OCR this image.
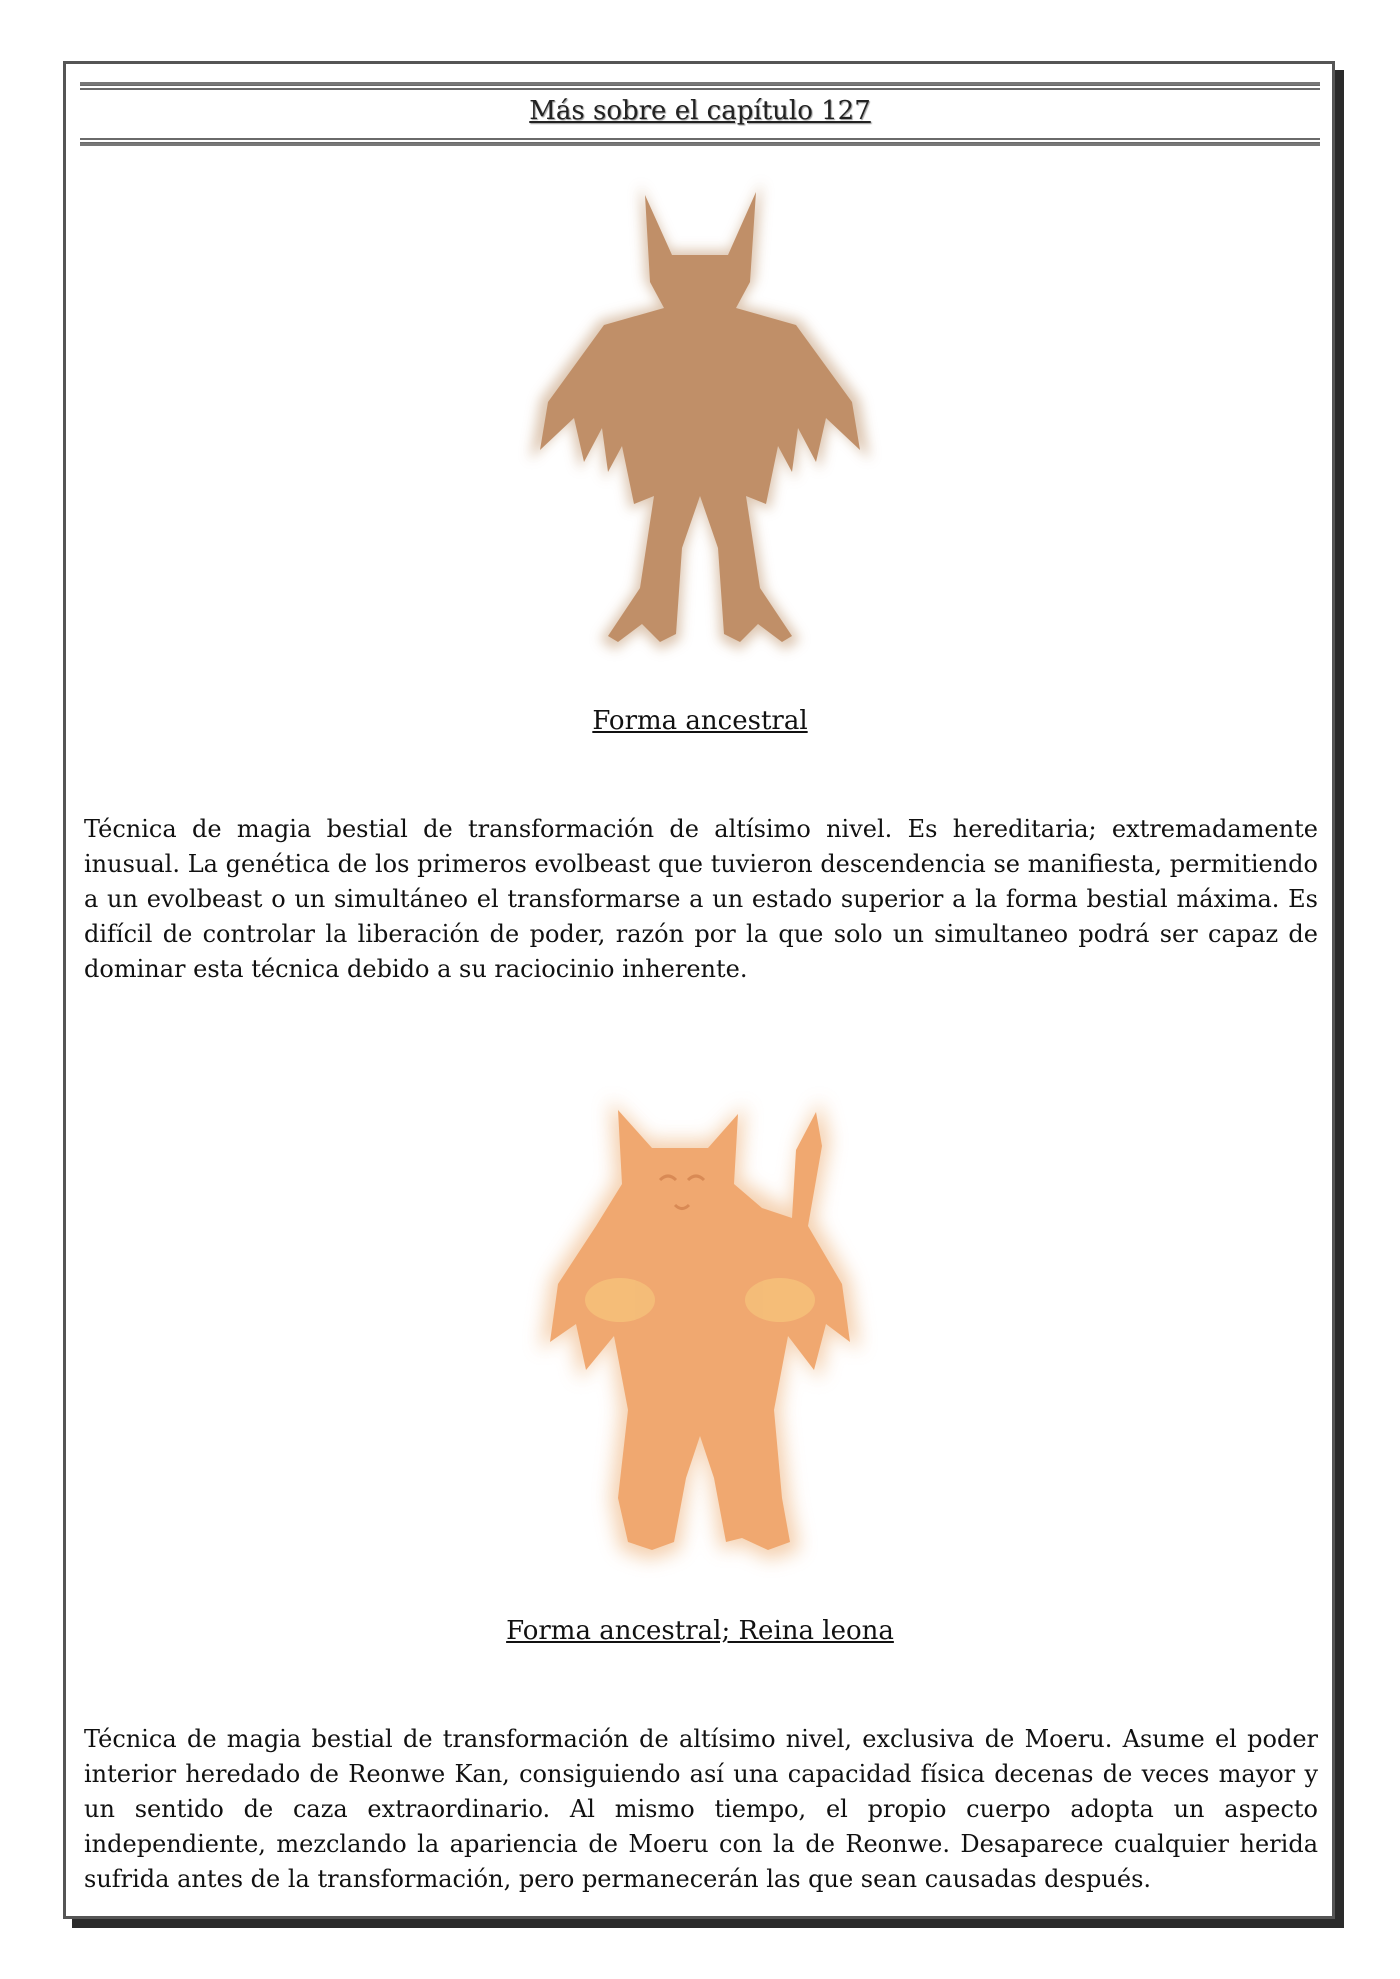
Más sobre el capítulo 127
Forma ancestral

Técnica de magia bestial de transformación de altísimo nivel. Es hereditaria; extremadamente inusual. La genética de los primeros evolbeast que tuvieron descendencia se manifiesta, permitiendo a un evolbeast o un simultáneo el transformarse a un estado superior a la forma bestial máxima. Es difícil de controlar la liberación de poder, razón por la que solo un simultaneo podrá ser capaz de dominar esta técnica debido a su raciocinio inherente.

Forma ancestral; Reina leona

Técnica de magia bestial de transformación de altísimo nivel, exclusiva de Moeru. Asume el poder interior heredado de Reonwe Kan, consiguiendo así una capacidad física decenas de veces mayor y un sentido de caza extraordinario. Al mismo tiempo, el propio cuerpo adopta un aspecto independiente, mezclando la apariencia de Moeru con la de Reonwe. Desaparece cualquier herida sufrida antes de la transformación, pero permanecerán las que sean causadas después.
